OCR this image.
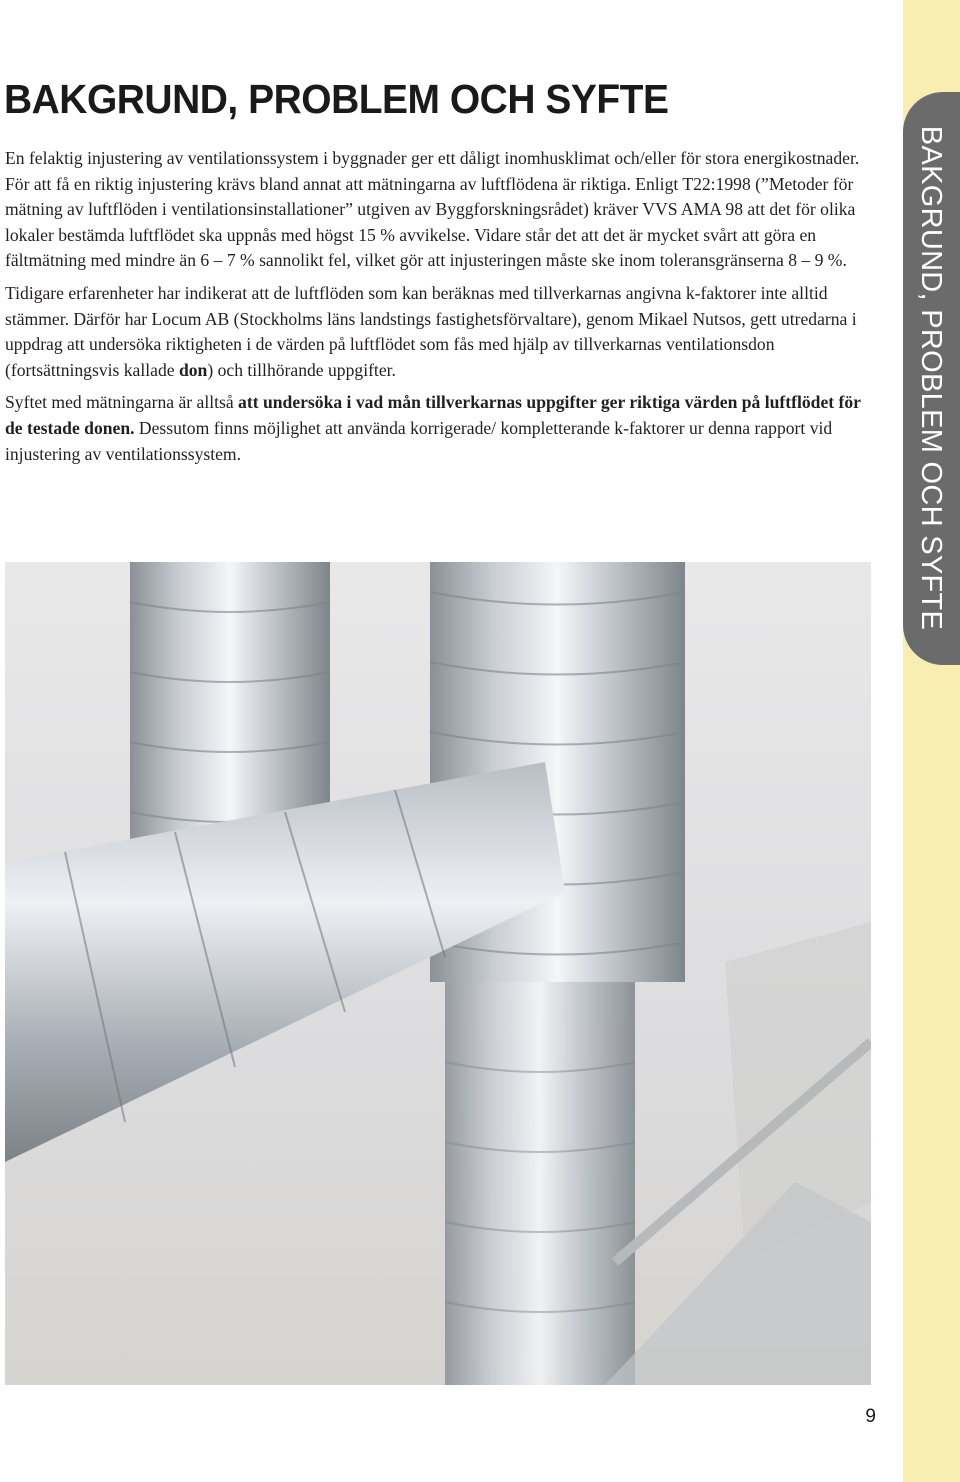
BAKGRUND, PROBLEM OCH SYFTE

En felaktig injustering av ventilationssystem i byggnader ger ett dåligt inomhusklimat och/eller för stora energikostnader. För att få en riktig injustering krävs bland annat att mätningarna av luftflödena är riktiga. Enligt T22:1998 (”Metoder för mätning av luftflöden i ventilationsinstallationer” utgiven av Byggforskningsrådet) kräver VVS AMA 98 att det för olika lokaler bestämda luftflödet ska uppnås med högst 15 % avvikelse. Vidare står det att det är mycket svårt att göra en fältmätning med mindre än 6 – 7 % sannolikt fel, vilket gör att injusteringen måste ske inom toleransgränserna 8 – 9 %.

Tidigare erfarenheter har indikerat att de luftflöden som kan beräknas med tillverkarnas angivna k-faktorer inte alltid stämmer. Därför har Locum AB (Stockholms läns landstings fastighetsförvaltare), genom Mikael Nutsos, gett utredarna i uppdrag att undersöka riktigheten i de värden på luftflödet som fås med hjälp av tillverkarnas ventilationsdon (fortsättningsvis kallade don) och tillhörande uppgifter.

Syftet med mätningarna är alltså att undersöka i vad mån tillverkarnas uppgifter ger riktiga värden på luftflödet för de testade donen. Dessutom finns möjlighet att använda korrigerade/ kompletterande k-faktorer ur denna rapport vid injustering av ventilationssystem.	BAKGRUND, PROBLEM OCH SYFTE
9
